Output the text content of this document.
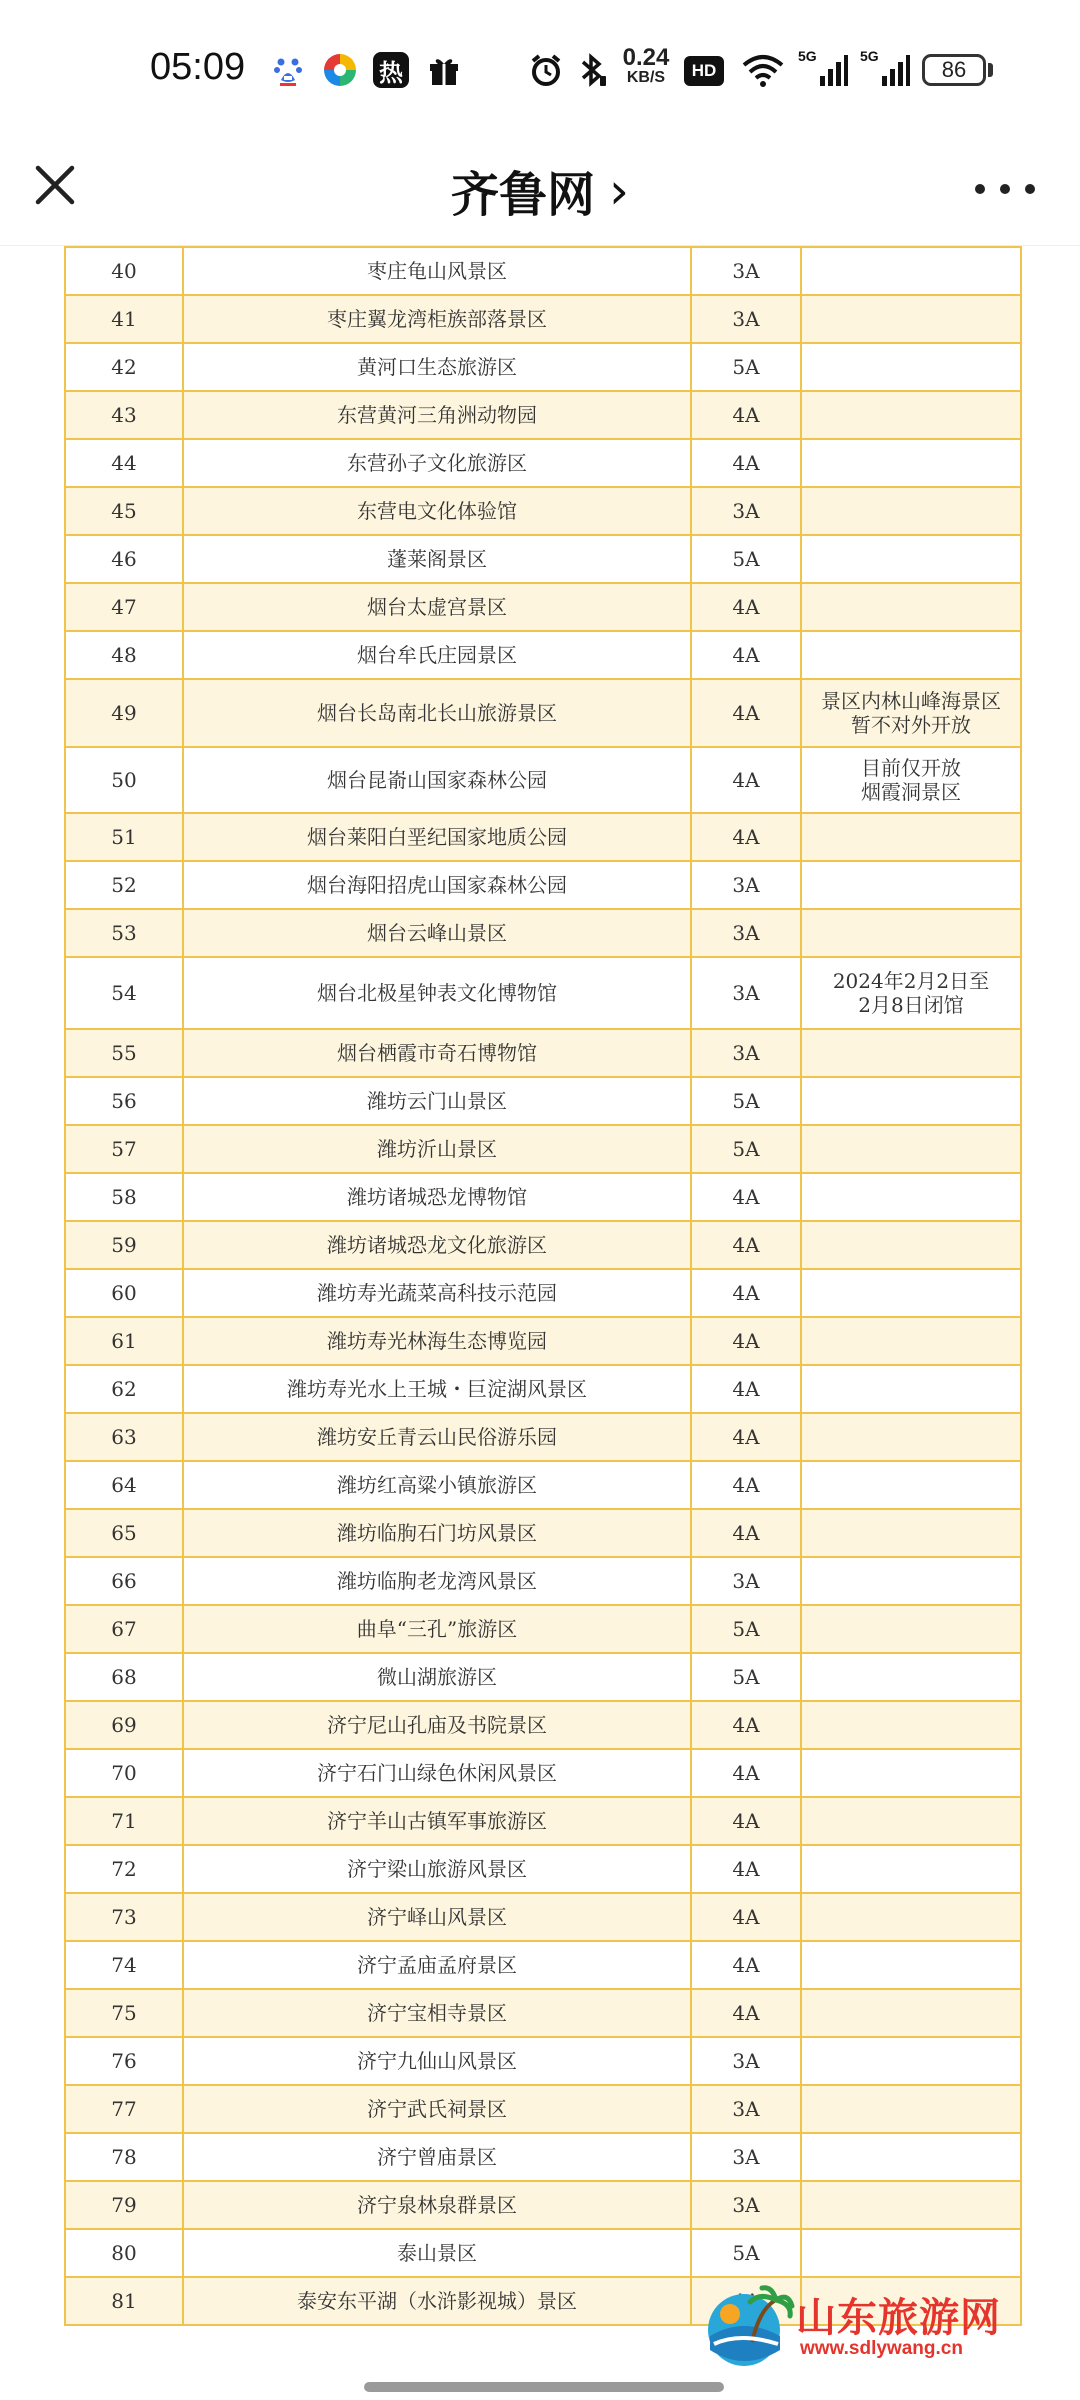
05:09	热
0.24
KB/S	HD
5G	5G
86
齐鲁网 ›
40	枣庄龟山风景区	3A	
41	枣庄翼龙湾柜族部落景区	3A	
42	黄河口生态旅游区	5A	
43	东营黄河三角洲动物园	4A	
44	东营孙子文化旅游区	4A	
45	东营电文化体验馆	3A	
46	蓬莱阁景区	5A	
47	烟台太虚宫景区	4A	
48	烟台牟氏庄园景区	4A	
49	烟台长岛南北长山旅游景区	4A	景区内林山峰海景区
暂不对外开放

50	烟台昆嵛山国家森林公园	4A	目前仅开放
烟霞洞景区

51	烟台莱阳白垩纪国家地质公园	4A	
52	烟台海阳招虎山国家森林公园	3A	
53	烟台云峰山景区	3A	
54	烟台北极星钟表文化博物馆	3A	2024年2月2日至
2月8日闭馆

55	烟台栖霞市奇石博物馆	3A	
56	潍坊云门山景区	5A	
57	潍坊沂山景区	5A	
58	潍坊诸城恐龙博物馆	4A	
59	潍坊诸城恐龙文化旅游区	4A	
60	潍坊寿光蔬菜高科技示范园	4A	
61	潍坊寿光林海生态博览园	4A	
62	潍坊寿光水上王城・巨淀湖风景区	4A	
63	潍坊安丘青云山民俗游乐园	4A	
64	潍坊红高粱小镇旅游区	4A	
65	潍坊临朐石门坊风景区	4A	
66	潍坊临朐老龙湾风景区	3A	
67	曲阜“三孔”旅游区	5A	
68	微山湖旅游区	5A	
69	济宁尼山孔庙及书院景区	4A	
70	济宁石门山绿色休闲风景区	4A	
71	济宁羊山古镇军事旅游区	4A	
72	济宁梁山旅游风景区	4A	
73	济宁峄山风景区	4A	
74	济宁孟庙孟府景区	4A	
75	济宁宝相寺景区	4A	
76	济宁九仙山风景区	3A	
77	济宁武氏祠景区	3A	
78	济宁曾庙景区	3A	
79	济宁泉林泉群景区	3A	
80	泰山景区	5A	
81	泰安东平湖（水浒影视城）景区			山东旅游网
www.sdlywang.cn
